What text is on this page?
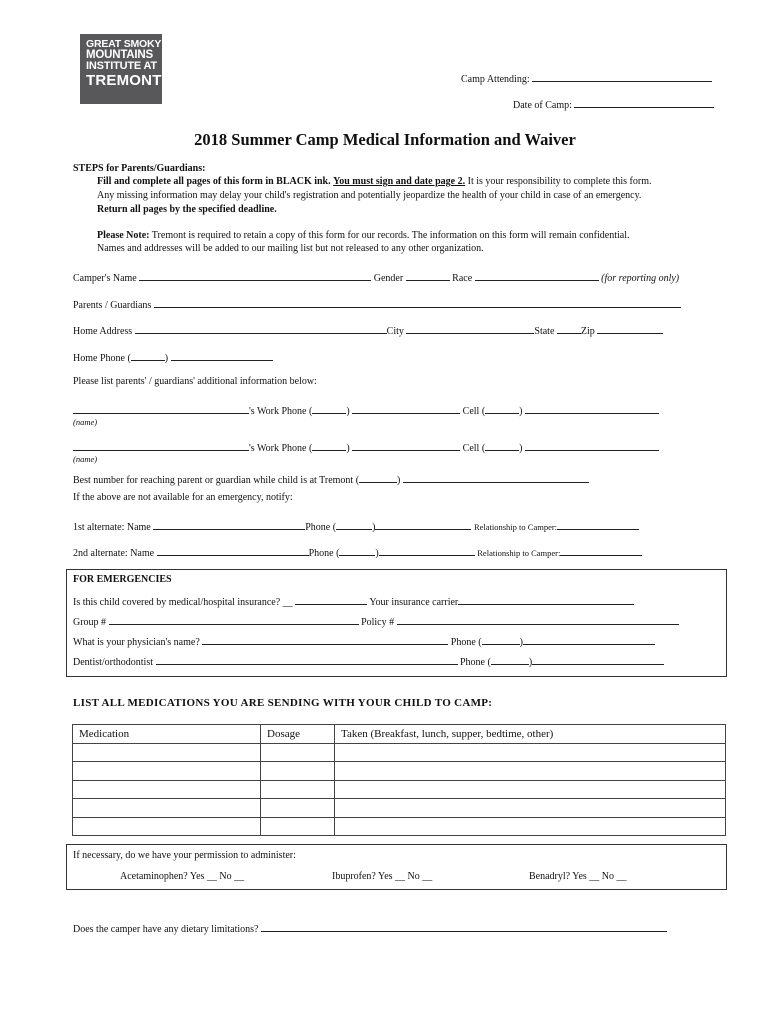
GREAT SMOKY
MOUNTAINS
INSTITUTE AT
TREMONT	Camp Attending:
Date of Camp:
2018 Summer Camp Medical Information and Waiver
STEPS for Parents/Guardians:
Fill and complete all pages of this form in BLACK ink. You must sign and date page 2. It is your responsibility to complete this form.
Any missing information may delay your child's registration and potentially jeopardize the health of your child in case of an emergency.
Return all pages by the specified deadline.
Please Note: Tremont is required to retain a copy of this form for our records. The information on this form will remain confidential.
Names and addresses will be added to our mailing list but not released to any other organization.
Camper's Name	Gender	Race	(for reporting only)
Parents / Guardians
Home Address	City	State	Zip
Home Phone (	)
Please list parents' / guardians' additional information below:
's Work Phone (	)	Cell (	)
(name)
's Work Phone (	)	Cell (	)
(name)
Best number for reaching parent or guardian while child is at Tremont (	)
If the above are not available for an emergency, notify:
1st alternate: Name	Phone (	)	Relationship to Camper:
2nd alternate: Name	Phone (	)	Relationship to Camper:
FOR EMERGENCIES
Is this child covered by medical/hospital insurance? __	Your insurance carrier
Group #	Policy #
What is your physician's name?	Phone (	)
Dentist/orthodontist	Phone (	)
LIST ALL MEDICATIONS YOU ARE SENDING WITH YOUR CHILD TO CAMP:
Medication	Dosage	Taken (Breakfast, lunch, supper, bedtime, other)

If necessary, do we have your permission to administer:
Acetaminophen? Yes __ No __	Ibuprofen? Yes __ No __	Benadryl? Yes __ No __
Does the camper have any dietary limitations?
